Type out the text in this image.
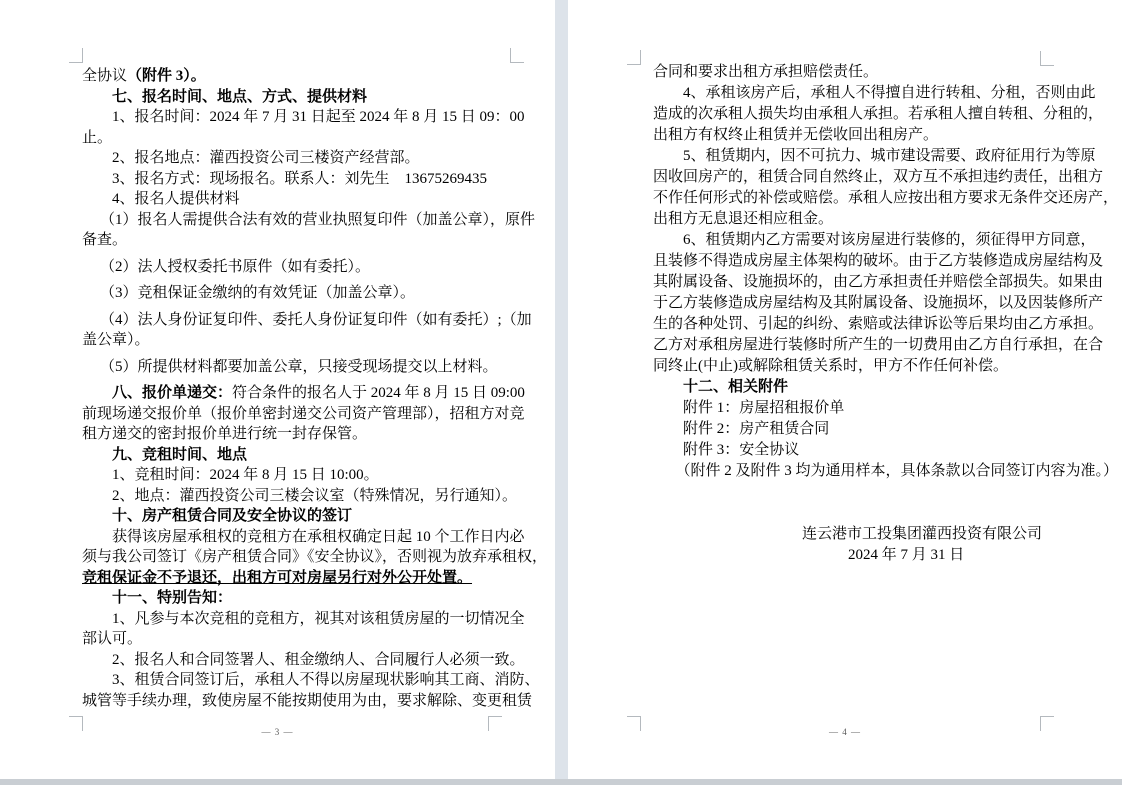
全协议（附件 3）。
七、报名时间、地点、方式、提供材料
1、报名时间：2024 年 7 月 31 日起至 2024 年 8 月 15 日 09：00
止。
2、报名地点：灌西投资公司三楼资产经营部。
3、报名方式：现场报名。联系人：刘先生　13675269435
4、报名人提供材料
（1）报名人需提供合法有效的营业执照复印件（加盖公章），原件
备查。
（2）法人授权委托书原件（如有委托）。
（3）竞租保证金缴纳的有效凭证（加盖公章）。
（4）法人身份证复印件、委托人身份证复印件（如有委托）;（加
盖公章）。
（5）所提供材料都要加盖公章，只接受现场提交以上材料。
八、报价单递交：符合条件的报名人于 2024 年 8 月 15 日 09:00
前现场递交报价单（报价单密封递交公司资产管理部），招租方对竞
租方递交的密封报价单进行统一封存保管。
九、竞租时间、地点
1、竞租时间：2024 年 8 月 15 日 10:00。
2、地点：灌西投资公司三楼会议室（特殊情况，另行通知）。
十、房产租赁合同及安全协议的签订
获得该房屋承租权的竞租方在承租权确定日起 10 个工作日内必
须与我公司签订《房产租赁合同》《安全协议》，否则视为放弃承租权，
竞租保证金不予退还，出租方可对房屋另行对外公开处置。
十一、特别告知：
1、凡参与本次竞租的竞租方，视其对该租赁房屋的一切情况全
部认可。
2、报名人和合同签署人、租金缴纳人、合同履行人必须一致。
3、租赁合同签订后，承租人不得以房屋现状影响其工商、消防、
城管等手续办理，致使房屋不能按期使用为由，要求解除、变更租赁
— 3 —
合同和要求出租方承担赔偿责任。
4、承租该房产后，承租人不得擅自进行转租、分租，否则由此
造成的次承租人损失均由承租人承担。若承租人擅自转租、分租的，
出租方有权终止租赁并无偿收回出租房产。
5、租赁期内，因不可抗力、城市建设需要、政府征用行为等原
因收回房产的，租赁合同自然终止，双方互不承担违约责任，出租方
不作任何形式的补偿或赔偿。承租人应按出租方要求无条件交还房产，
出租方无息退还相应租金。
6、租赁期内乙方需要对该房屋进行装修的，须征得甲方同意，
且装修不得造成房屋主体架构的破坏。由于乙方装修造成房屋结构及
其附属设备、设施损坏的，由乙方承担责任并赔偿全部损失。如果由
于乙方装修造成房屋结构及其附属设备、设施损坏，以及因装修所产
生的各种处罚、引起的纠纷、索赔或法律诉讼等后果均由乙方承担。
乙方对承租房屋进行装修时所产生的一切费用由乙方自行承担，在合
同终止(中止)或解除租赁关系时，甲方不作任何补偿。
十二、相关附件
附件 1：房屋招租报价单
附件 2：房产租赁合同
附件 3：安全协议
（附件 2 及附件 3 均为通用样本，具体条款以合同签订内容为准。）

连云港市工投集团灌西投资有限公司
2024 年 7 月 31 日
— 4 —
